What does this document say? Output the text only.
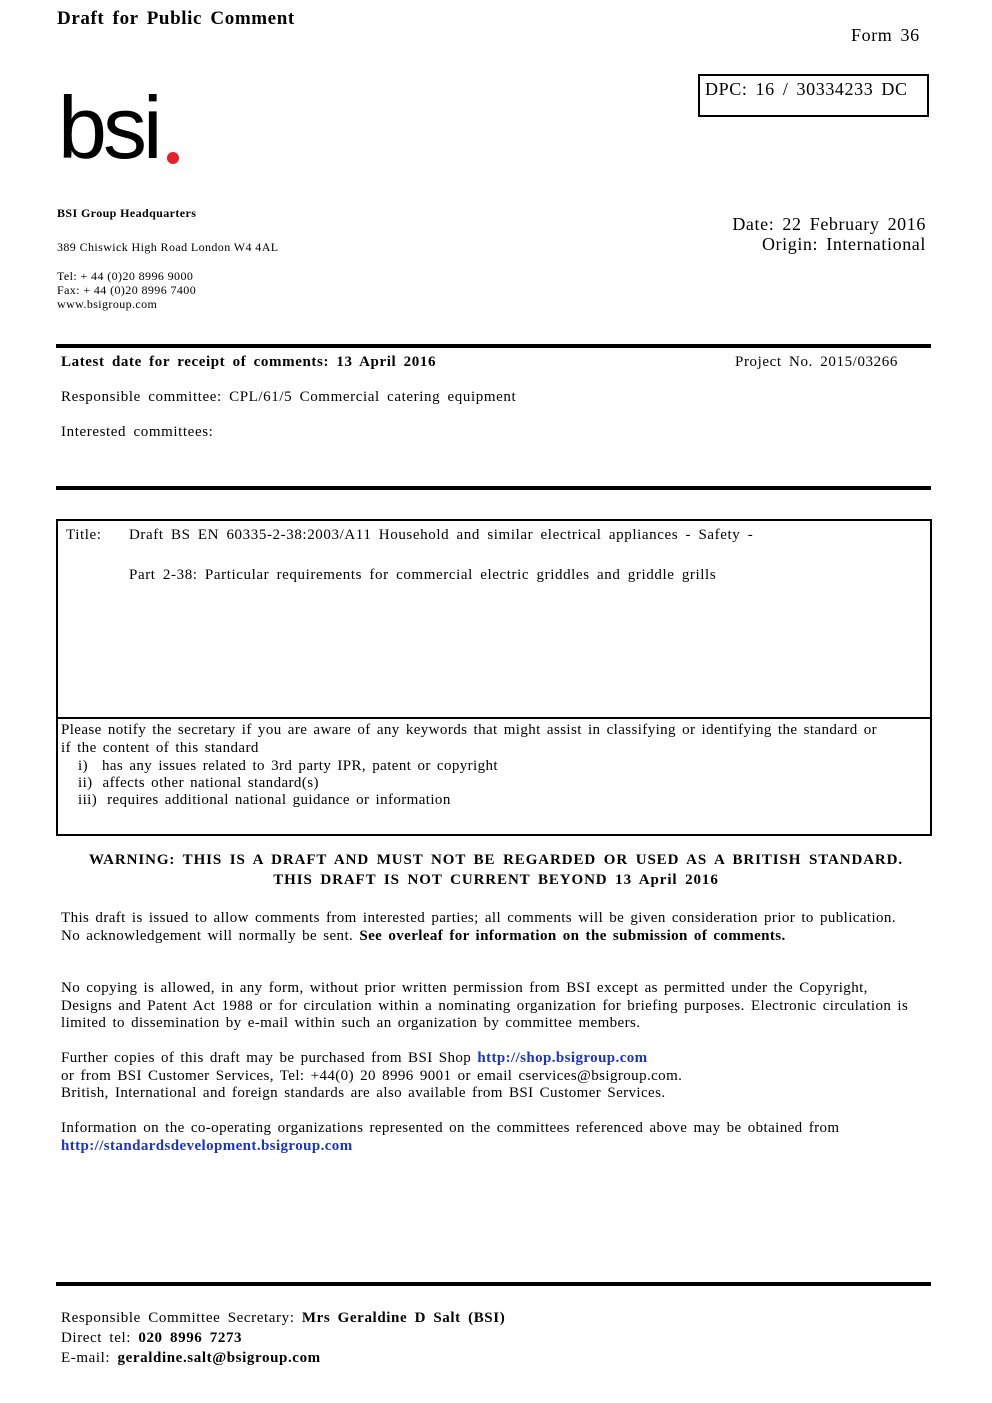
Draft for Public Comment
Form 36
DPC: 16 / 30334233 DC
bsi
BSI Group Headquarters
389 Chiswick High Road London W4 4AL
Tel: + 44 (0)20 8996 9000
Fax: + 44 (0)20 8996 7400
www.bsigroup.com
Date: 22 February 2016
Origin: International
Latest date for receipt of comments: 13 April 2016	Project No. 2015/03266
Responsible committee: CPL/61/5 Commercial catering equipment
Interested committees:
Title: Draft BS EN 60335-2-38:2003/A11 Household and similar electrical appliances - Safety -
Part 2-38: Particular requirements for commercial electric griddles and griddle grills
Please notify the secretary if you are aware of any keywords that might assist in classifying or identifying the standard or if the content of this standard
i) has any issues related to 3rd party IPR, patent or copyright
ii) affects other national standard(s)
iii) requires additional national guidance or information
WARNING: THIS IS A DRAFT AND MUST NOT BE REGARDED OR USED AS A BRITISH STANDARD.
THIS DRAFT IS NOT CURRENT BEYOND 13 April 2016
This draft is issued to allow comments from interested parties; all comments will be given consideration prior to publication. No acknowledgement will normally be sent. See overleaf for information on the submission of comments.
No copying is allowed, in any form, without prior written permission from BSI except as permitted under the Copyright, Designs and Patent Act 1988 or for circulation within a nominating organization for briefing purposes. Electronic circulation is limited to dissemination by e-mail within such an organization by committee members.
Further copies of this draft may be purchased from BSI Shop http://shop.bsigroup.com
or from BSI Customer Services, Tel: +44(0) 20 8996 9001 or email cservices@bsigroup.com.
British, International and foreign standards are also available from BSI Customer Services.
Information on the co-operating organizations represented on the committees referenced above may be obtained from http://standardsdevelopment.bsigroup.com
Responsible Committee Secretary: Mrs Geraldine D Salt (BSI)
Direct tel: 020 8996 7273
E-mail: geraldine.salt@bsigroup.com
